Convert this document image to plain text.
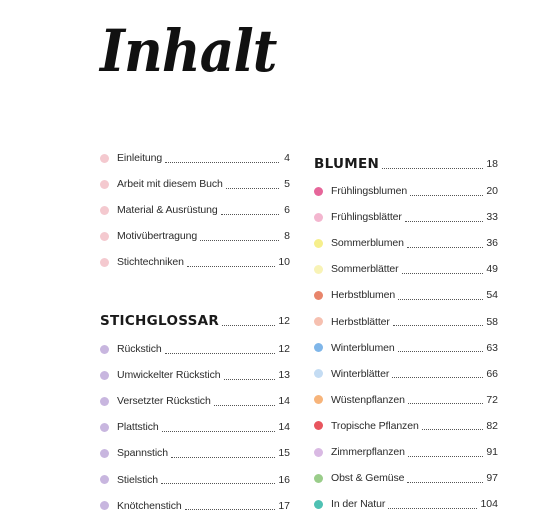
Inhalt
Einleitung	4
Arbeit mit diesem Buch	5
Material & Ausrüstung	6
Motivübertragung	8
Stichtechniken	10
STICHGLOSSAR	12
Rückstich	12
Umwickelter Rückstich	13
Versetzter Rückstich	14
Plattstich	14
Spannstich	15
Stielstich	16
Knötchenstich	17
BLUMEN	18
Frühlingsblumen	20
Frühlingsblätter	33
Sommerblumen	36
Sommerblätter	49
Herbstblumen	54
Herbstblätter	58
Winterblumen	63
Winterblätter	66
Wüstenpflanzen	72
Tropische Pflanzen	82
Zimmerpflanzen	91
Obst & Gemüse	97
In der Natur	104
